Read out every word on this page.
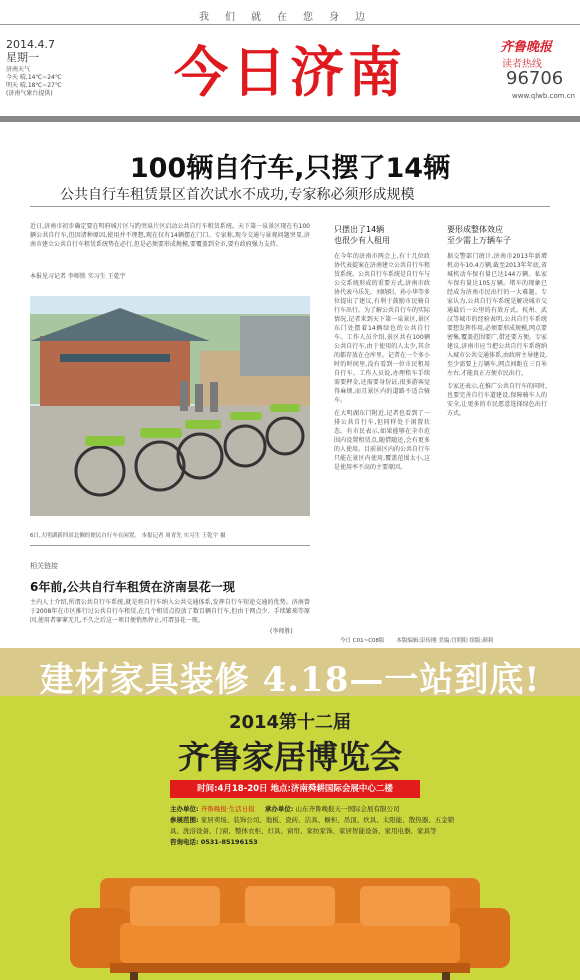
我们就在您身边
2014.4.7
星期一
济南天气
今天 晴,14℃~24℃
明天 晴,18℃~27℃
(济南气象台提供)	今日济南	齐鲁晚报
读者热线
96706
www.qlwb.com.cn
100辆自行车,只摆了14辆
公共自行车租赁景区首次试水不成功,专家称必须形成规模
近日,济南市初步确定要在明府城片区与趵突泉片区启动公共自行车租赁系统。天下第一泉景区现在有100辆公共自行车,但因诸种原因,使用并不理想,现在仅有14辆摆在门口。专家称,现今交通与景观问题突显,济南市建立公共自行车租赁系统势在必行,但是必须要形成规模,要覆盖到全市,要有政府强力支持。
本报见习记者 李师胜 实习生 王乾宇
6日,大明湖新四景北侧的便民自行车在闲置。 本报记者 周青先 实习生 王乾宇 摄
只摆出了14辆
也很少有人租用
在今年的济南市两会上,有十几位政协代表提案在济南建立公共自行车租赁系统。公共自行车系统是自行车与公交系统形成的重要方式,济南市政协代表马乐先、刘晓阳、孙小华等多位提出了建议,有利于鼓励市民骑自行车出行。为了解公共自行车的实际情况,记者来到天下第一泉景区,景区东门处摆着14辆绿色的公共自行车。工作人员介绍,景区共有100辆公共自行车,由于使用的人太少,其余的都存放在仓库里。记者在一个多小时的时间里,没有看到一位市民租用自行车。工作人员说,办理租车手续需要押金,还需要身份证,很多游客觉得麻烦,而且景区内的道路不适合骑车。
在大明湖东门附近,记者也看到了一排公共自行车,但同样处于闲置状态。有市民表示,如果能够在全市范围内设置租赁点,随借随还,会有更多的人使用。目前景区内的公共自行车只能在景区内使用,覆盖范围太小,这是使用率不高的主要原因。
要形成整体效应
至少需上万辆车子
据交警部门统计,济南市2013年新增机动车10.4万辆,截至2013年年底,省城机动车保有量已达144万辆。私家车保有量达105万辆。堵车的现象已经成为济南市民出行的一大难题。专家认为,公共自行车系统是解决城市交通最后一公里的有效方式。杭州、武汉等城市的经验表明,公共自行车系统要想发挥作用,必须要形成规模,网点要密集,覆盖范围要广,借还要方便。专家建议,济南市应当把公共自行车系统纳入城市公共交通体系,由政府主导建设,至少需要上万辆车,网点间距在三百米左右,才能真正方便市民出行。
专家还表示,在推广公共自行车的同时,也要完善自行车道建设,保障骑车人的安全,让更多的市民愿意选择绿色出行方式。
相关链接
6年前,公共自行车租赁在济南昙花一现
主内人士介绍,所谓公共自行车系统,就是将自行车纳入公共交通体系,发挥自行车短途交通的优势。济南曾于2008年在市区推行过公共自行车租赁,在几个租赁点投放了数百辆自行车,但由于网点少、手续繁琐等原因,使用者寥寥无几,不久之后这一项目便悄然停止,可谓昙花一现。
(李师胜)
今日 C01~C08版 本版编辑:彭传刚 美编:宫照阳 组版:颜莉
建材家具装修 4.18—一站到底!
2014第十二届
齐鲁家居博览会
时间:4月18-20日 地点:济南舜耕国际会展中心二楼
主办单位: 齐鲁晚报·生活日报 承办单位: 山东齐鲁晚报天一国际会展有限公司
参展范围: 家居卖场、装饰公司、地板、瓷砖、洁具、橱柜、吊顶、炊具、太阳能、散热器、五金锁具、洗浴设备、门窗、整体衣柜、灯具、窗帘、家纺家饰、家居智能设备、家用电器、家具等
咨询电话: 0531-85196153
